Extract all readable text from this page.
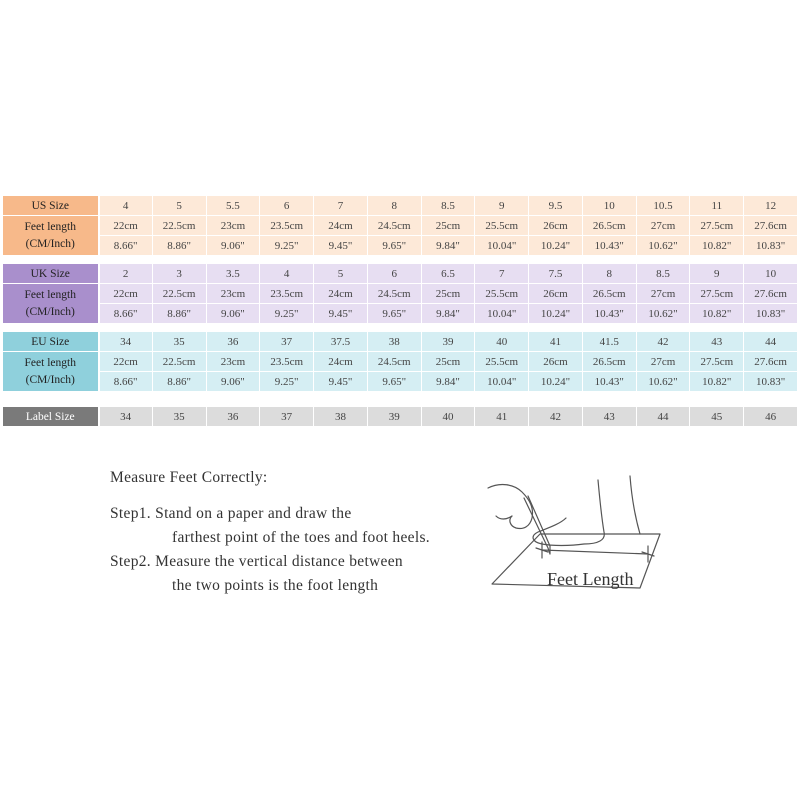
US Size	4	5	5.5	6	7	8	8.5	9	9.5	10	10.5	11	12

Feet length
(CM/Inch)	22cm	22.5cm	23cm	23.5cm	24cm	24.5cm	25cm	25.5cm	26cm	26.5cm	27cm	27.5cm	27.6cm
	8.66"	8.86"	9.06"	9.25"	9.45"	9.65"	9.84"	10.04"	10.24"	10.43"	10.62"	10.82"	10.83"

UK Size	2	3	3.5	4	5	6	6.5	7	7.5	8	8.5	9	10

Feet length
(CM/Inch)	22cm	22.5cm	23cm	23.5cm	24cm	24.5cm	25cm	25.5cm	26cm	26.5cm	27cm	27.5cm	27.6cm
	8.66"	8.86"	9.06"	9.25"	9.45"	9.65"	9.84"	10.04"	10.24"	10.43"	10.62"	10.82"	10.83"

EU Size	34	35	36	37	37.5	38	39	40	41	41.5	42	43	44

Feet length
(CM/Inch)	22cm	22.5cm	23cm	23.5cm	24cm	24.5cm	25cm	25.5cm	26cm	26.5cm	27cm	27.5cm	27.6cm
	8.66"	8.86"	9.06"	9.25"	9.45"	9.65"	9.84"	10.04"	10.24"	10.43"	10.62"	10.82"	10.83"

Label Size	34	35	36	37	38	39	40	41	42	43	44	45	46
Measure Feet Correctly:
Step1. Stand on a paper and draw the
farthest point of the toes and foot heels.
Step2. Measure the vertical distance between
the two points is the foot length	Feet Length
